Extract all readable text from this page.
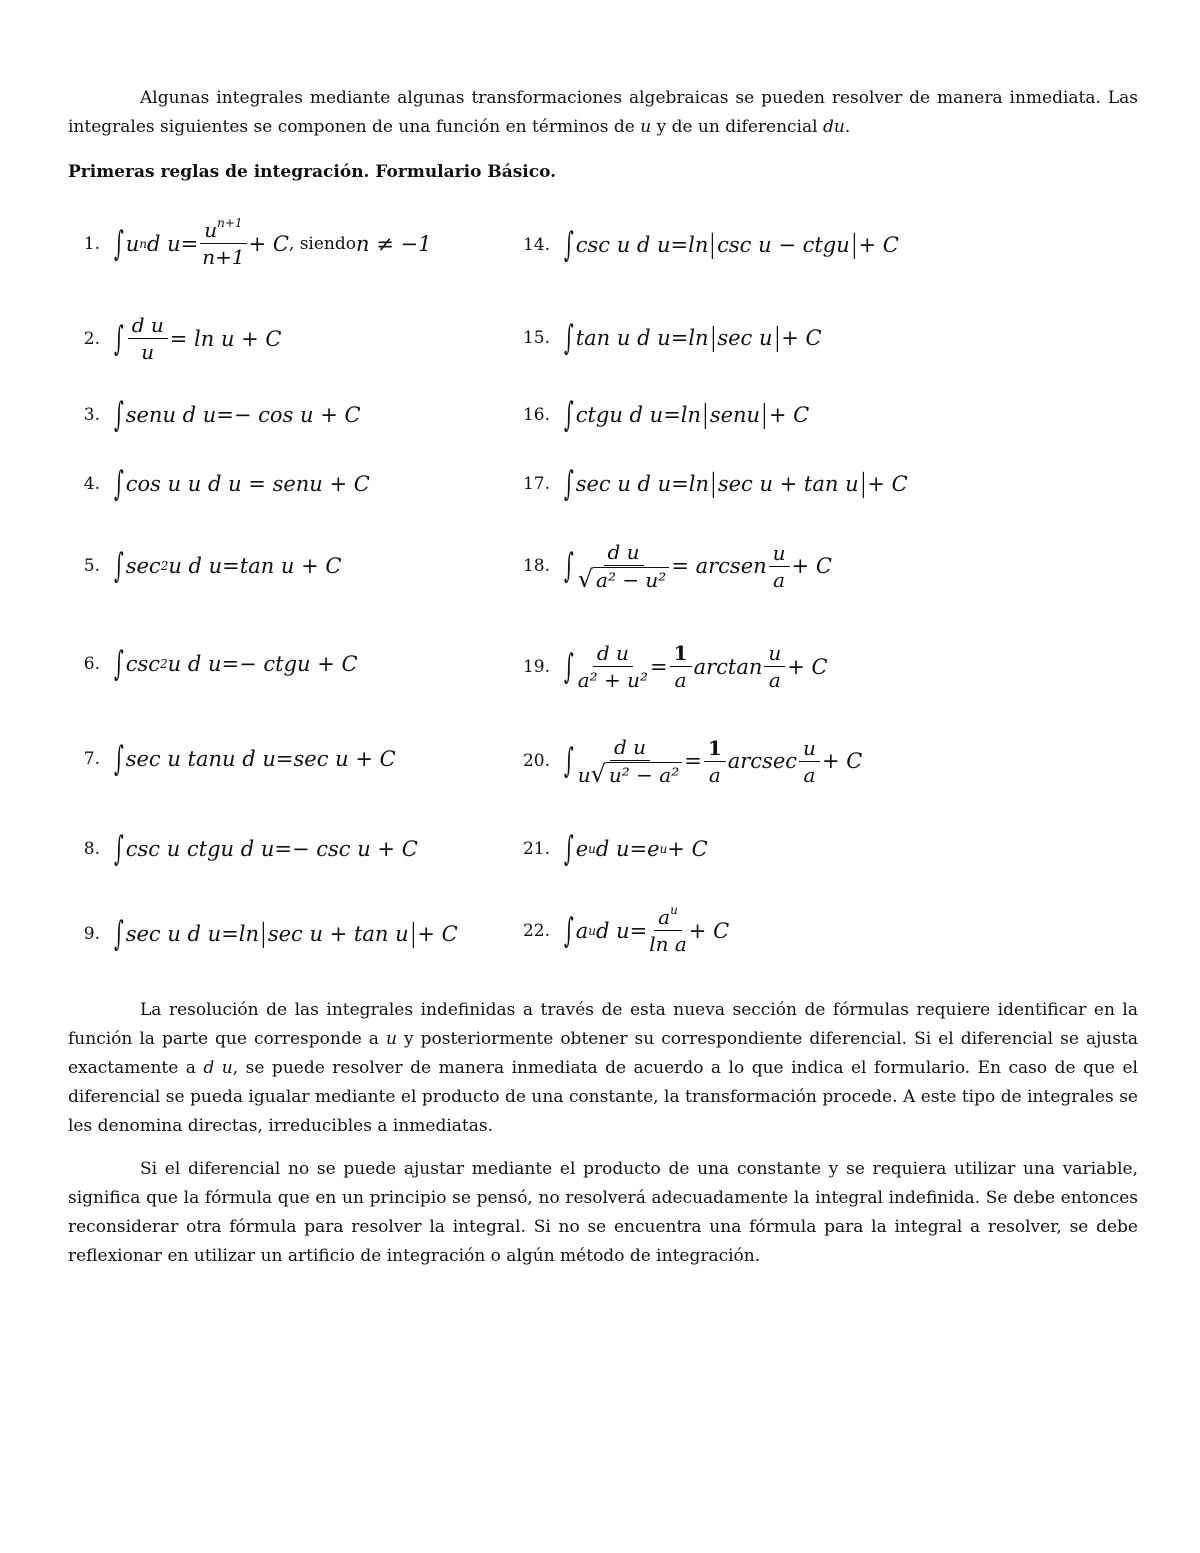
Algunas integrales mediante algunas transformaciones algebraicas se pueden resolver de manera inmediata. Las integrales siguientes se componen de una función en términos de u y de un diferencial du.

Primeras reglas de integración. Formulario Básico.

1. ∫ u n d $u= \frac{u^{n+1}}{n+1} + C$ , siendo n ≠ −1
2. ∫ $\frac{\text{d u}}{u} = \ln u + C$
3. ∫ senu d u=− cos u + C
4. ∫ cos u u d u = senu + C
5. ∫ sec 2 u d u=tan u + C
6. ∫ csc 2 u d u=− ctgu + C
7. ∫ sec u tanu d u=sec u + C
8. ∫ csc u ctgu d u=− csc u + C
9. ∫ sec u d u=ln | sec u + tan u | + C
14. ∫ csc u d u=ln | csc u − ctgu | + C
15. ∫ tan u d u=ln | sec u | + C
16. ∫ ctgu d u=ln | senu | + C
17. ∫ sec u d u=ln | sec u + tan u | + C
18. ∫ $\frac{\text{d u}}{\text{√ a² − u²}}$ = arcsen $\frac{u}{a} + C$
19. ∫ $\frac{\text{d u}}{\text{a² + u²}} = \frac{1}{a}$ $\arctan \frac{u}{a} + C$
20. ∫ $\frac{\text{d u}}{\text{u√ u² − a²}} = \frac{1}{a}$ arcsec $\frac{u}{a} + C$
21. ∫ e u d u=e u + C
22. ∫ a u d $u= \frac{a^u}{\text{ln a}} + C$

La resolución de las integrales indefinidas a través de esta nueva sección de fórmulas requiere identificar en la función la parte que corresponde a u y posteriormente obtener su correspondiente diferencial. Si el diferencial se ajusta exactamente a d u, se puede resolver de manera inmediata de acuerdo a lo que indica el formulario. En caso de que el diferencial se pueda igualar mediante el producto de una constante, la transformación procede. A este tipo de integrales se les denomina directas, irreducibles a inmediatas.

Si el diferencial no se puede ajustar mediante el producto de una constante y se requiera utilizar una variable, significa que la fórmula que en un principio se pensó, no resolverá adecuadamente la integral indefinida. Se debe entonces reconsiderar otra fórmula para resolver la integral. Si no se encuentra una fórmula para la integral a resolver, se debe reflexionar en utilizar un artificio de integración o algún método de integración.
